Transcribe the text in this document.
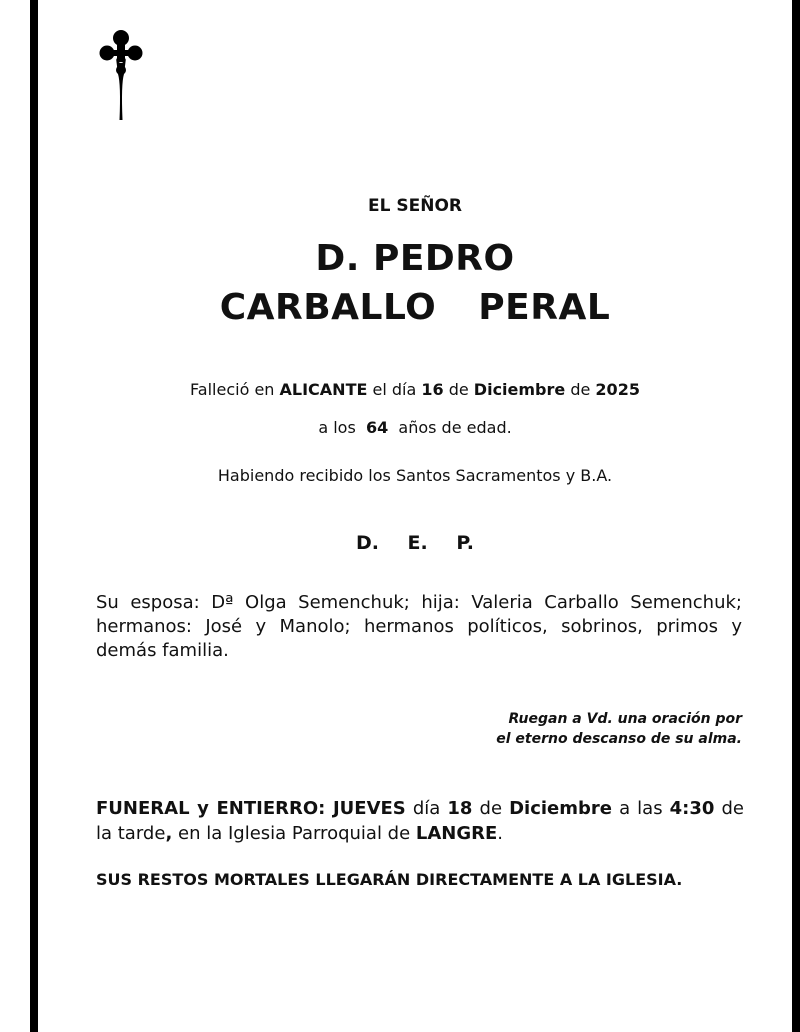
EL SEÑOR
D. PEDRO
CARBALLO  PERAL
Falleció en ALICANTE el día 16 de Diciembre de 2025
a los  64  años de edad.
Habiendo recibido los Santos Sacramentos y B.A.
D. E. P.
Su esposa: Dª Olga Semenchuk; hija: Valeria Carballo Semenchuk; hermanos: José y Manolo; hermanos políticos, sobrinos, primos y demás familia.
Ruegan a Vd. una oración por
el eterno descanso de su alma.
FUNERAL y ENTIERRO: JUEVES día 18 de Diciembre a las 4:30 de la tarde, en la Iglesia Parroquial de LANGRE.
SUS RESTOS MORTALES LLEGARÁN DIRECTAMENTE A LA IGLESIA.
